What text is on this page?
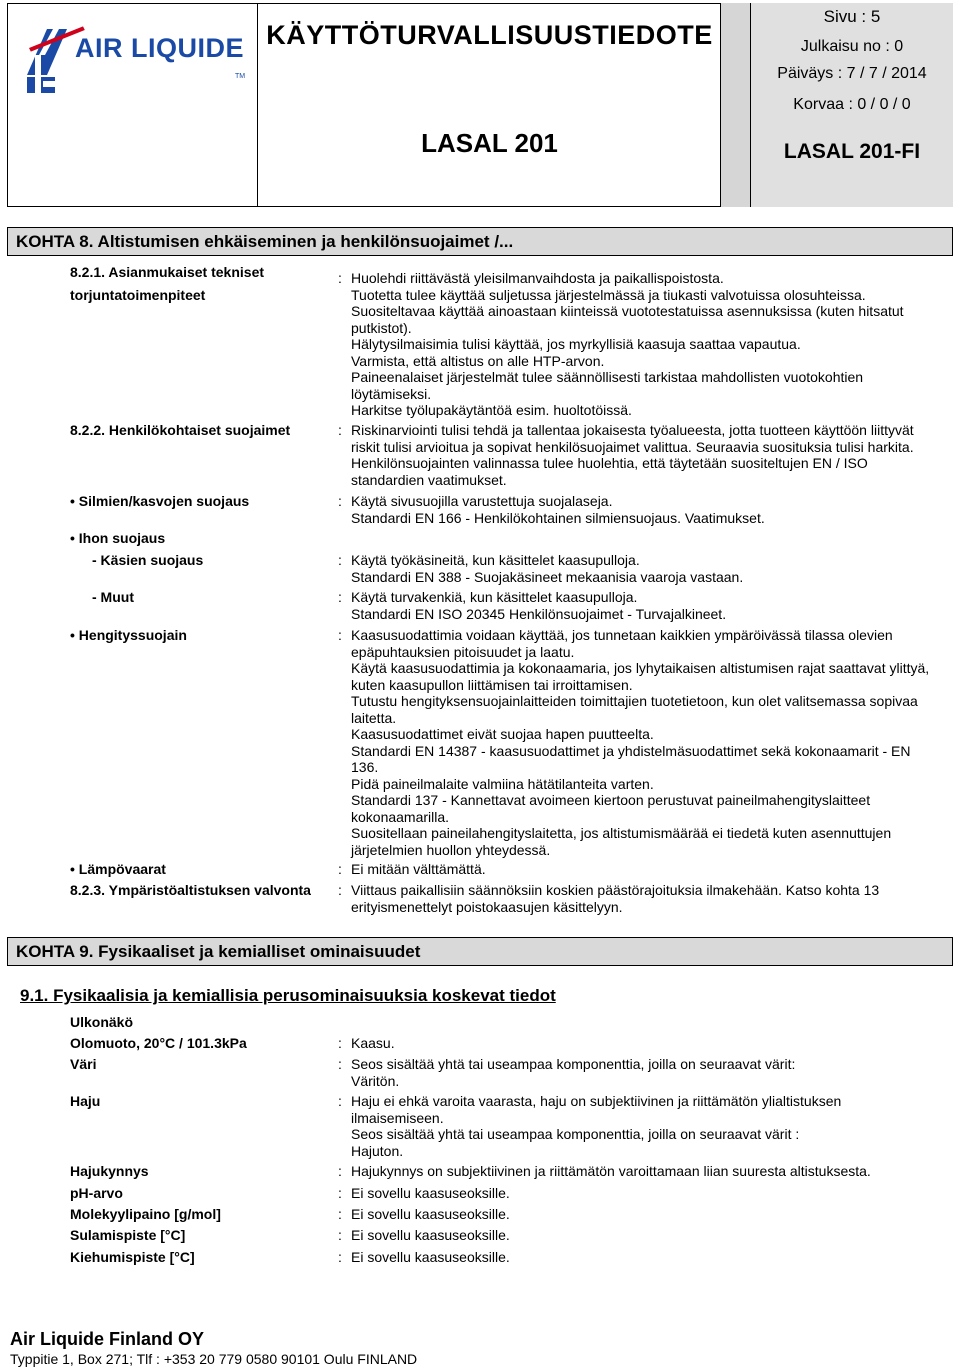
AIR LIQUIDE
TM
KÄYTTÖTURVALLISUUSTIEDOTE
LASAL 201
Sivu : 5
Julkaisu no : 0
Päiväys : 7 / 7 / 2014
Korvaa : 0 / 0 / 0
LASAL 201-FI
KOHTA 8. Altistumisen ehkäiseminen ja henkilönsuojaimet /...
8.2.1. Asianmukaiset tekniset
torjuntatoimenpiteet
: Huolehdi riittävästä yleisilmanvaihdosta ja paikallispoistosta.
Tuotetta tulee käyttää suljetussa järjestelmässä ja tiukasti valvotuissa olosuhteissa.
Suositeltavaa käyttää ainoastaan kiinteissä vuototestatuissa asennuksissa (kuten hitsatut
putkistot).
Hälytysilmaisimia tulisi käyttää, jos myrkyllisiä kaasuja saattaa vapautua.
Varmista, että altistus on alle HTP-arvon.
Paineenalaiset järjestelmät tulee säännöllisesti tarkistaa mahdollisten vuotokohtien
löytämiseksi.
Harkitse työlupakäytäntöä esim. huoltotöissä.
8.2.2. Henkilökohtaiset suojaimet	: Riskinarviointi tulisi tehdä ja tallentaa jokaisesta työalueesta, jotta tuotteen käyttöön liittyvät
riskit tulisi arvioitua ja sopivat henkilösuojaimet valittua. Seuraavia suosituksia tulisi harkita.
Henkilönsuojainten valinnassa tulee huolehtia, että täytetään suositeltujen EN / ISO
standardien vaatimukset.
• Silmien/kasvojen suojaus	: Käytä sivusuojilla varustettuja suojalaseja.
Standardi EN 166 - Henkilökohtainen silmiensuojaus. Vaatimukset.
• Ihon suojaus
- Käsien suojaus	: Käytä työkäsineitä, kun käsittelet kaasupulloja.
Standardi EN 388 - Suojakäsineet mekaanisia vaaroja vastaan.
- Muut	: Käytä turvakenkiä, kun käsittelet kaasupulloja.
Standardi EN ISO 20345 Henkilönsuojaimet - Turvajalkineet.
• Hengityssuojain	: Kaasusuodattimia voidaan käyttää, jos tunnetaan kaikkien ympäröivässä tilassa olevien
epäpuhtauksien pitoisuudet ja laatu.
Käytä kaasusuodattimia ja kokonaamaria, jos lyhytaikaisen altistumisen rajat saattavat ylittyä,
kuten kaasupullon liittämisen tai irroittamisen.
Tutustu hengityksensuojainlaitteiden toimittajien tuotetietoon, kun olet valitsemassa sopivaa
laitetta.
Kaasusuodattimet eivät suojaa hapen puutteelta.
Standardi EN 14387 - kaasusuodattimet ja yhdistelmäsuodattimet sekä kokonaamarit - EN
136.
Pidä paineilmalaite valmiina hätätilanteita varten.
Standardi 137 - Kannettavat avoimeen kiertoon perustuvat paineilmahengityslaitteet
kokonaamarilla.
Suositellaan paineilahengityslaitetta, jos altistumismäärää ei tiedetä kuten asennuttujen
järjetelmien huollon yhteydessä.
• Lämpövaarat	: Ei mitään välttämättä.
8.2.3. Ympäristöaltistuksen valvonta : Viittaus paikallisiin säännöksiin koskien päästörajoituksia ilmakehään. Katso kohta 13
erityismenettelyt poistokaasujen käsittelyyn.
KOHTA 9. Fysikaaliset ja kemialliset ominaisuudet
9.1. Fysikaalisia ja kemiallisia perusominaisuuksia koskevat tiedot
Ulkonäkö
Olomuoto, 20°C / 101.3kPa	: Kaasu.
Väri	: Seos sisältää yhtä tai useampaa komponenttia, joilla on seuraavat värit:
Väritön.
Haju	: Haju ei ehkä varoita vaarasta, haju on subjektiivinen ja riittämätön ylialtistuksen
ilmaisemiseen.
Seos sisältää yhtä tai useampaa komponenttia, joilla on seuraavat värit :
Hajuton.
Hajukynnys	: Hajukynnys on subjektiivinen ja riittämätön varoittamaan liian suuresta altistuksesta.
pH-arvo	: Ei sovellu kaasuseoksille.
Molekyylipaino [g/mol]	: Ei sovellu kaasuseoksille.
Sulamispiste [°C]	: Ei sovellu kaasuseoksille.
Kiehumispiste [°C]	: Ei sovellu kaasuseoksille.
Air Liquide Finland OY
Typpitie 1, Box 271; Tlf : +353 20 779 0580 90101 Oulu FINLAND
